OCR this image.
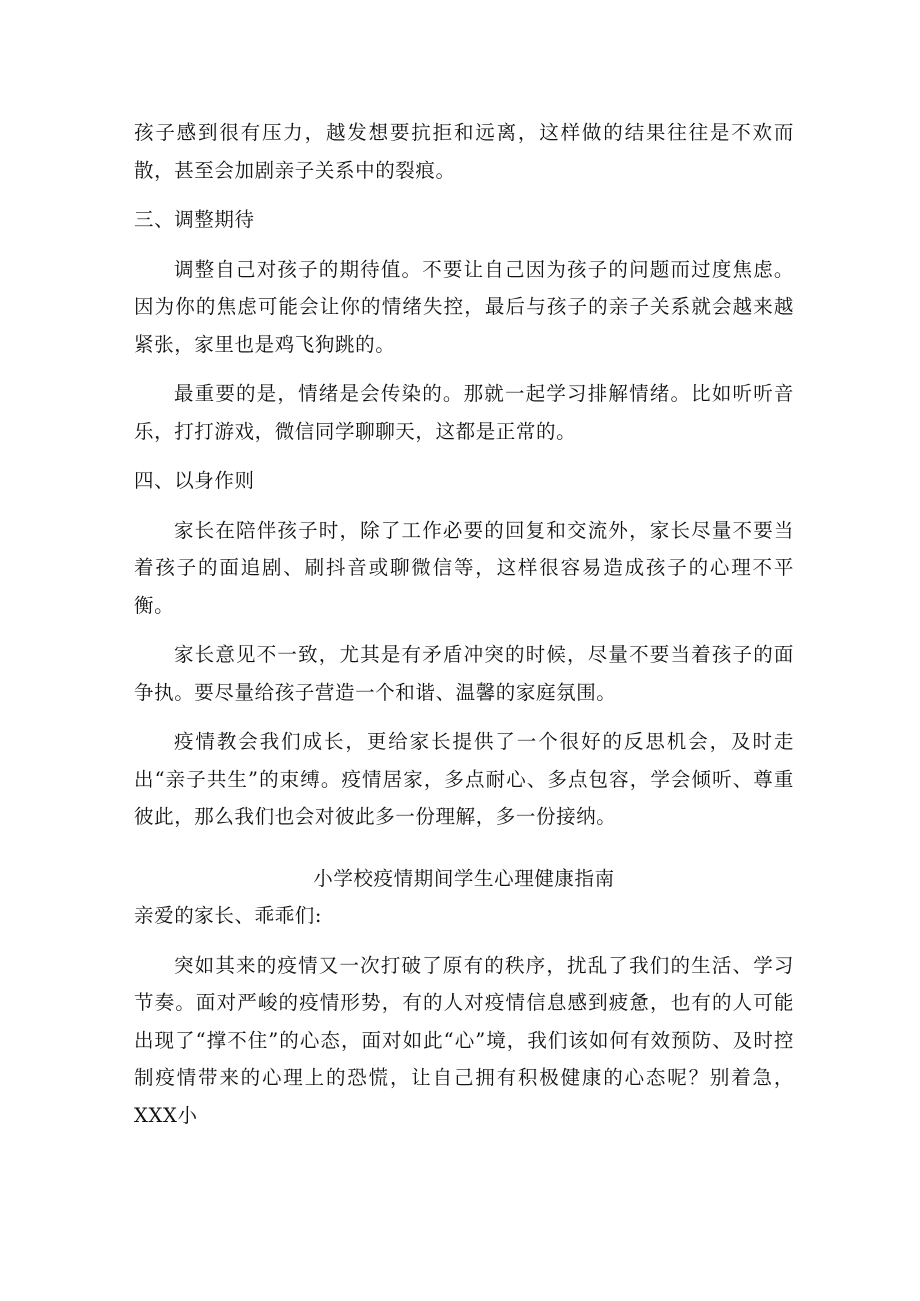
孩子感到很有压力，越发想要抗拒和远离，这样做的结果往往是不欢而散，甚至会加剧亲子关系中的裂痕。

三、调整期待

调整自己对孩子的期待值。不要让自己因为孩子的问题而过度焦虑。因为你的焦虑可能会让你的情绪失控，最后与孩子的亲子关系就会越来越紧张，家里也是鸡飞狗跳的。

最重要的是，情绪是会传染的。那就一起学习排解情绪。比如听听音乐，打打游戏，微信同学聊聊天，这都是正常的。

四、以身作则

家长在陪伴孩子时，除了工作必要的回复和交流外，家长尽量不要当着孩子的面追剧、刷抖音或聊微信等，这样很容易造成孩子的心理不平衡。

家长意见不一致，尤其是有矛盾冲突的时候，尽量不要当着孩子的面争执。要尽量给孩子营造一个和谐、温馨的家庭氛围。

疫情教会我们成长，更给家长提供了一个很好的反思机会，及时走出“亲子共生”的束缚。疫情居家，多点耐心、多点包容，学会倾听、尊重彼此，那么我们也会对彼此多一份理解，多一份接纳。

小学校疫情期间学生心理健康指南

亲爱的家长、乖乖们:

突如其来的疫情又一次打破了原有的秩序，扰乱了我们的生活、学习节奏。面对严峻的疫情形势，有的人对疫情信息感到疲惫，也有的人可能出现了“撑不住”的心态，面对如此“心”境，我们该如何有效预防、及时控制疫情带来的心理上的恐慌，让自己拥有积极健康的心态呢？别着急，XXX小
